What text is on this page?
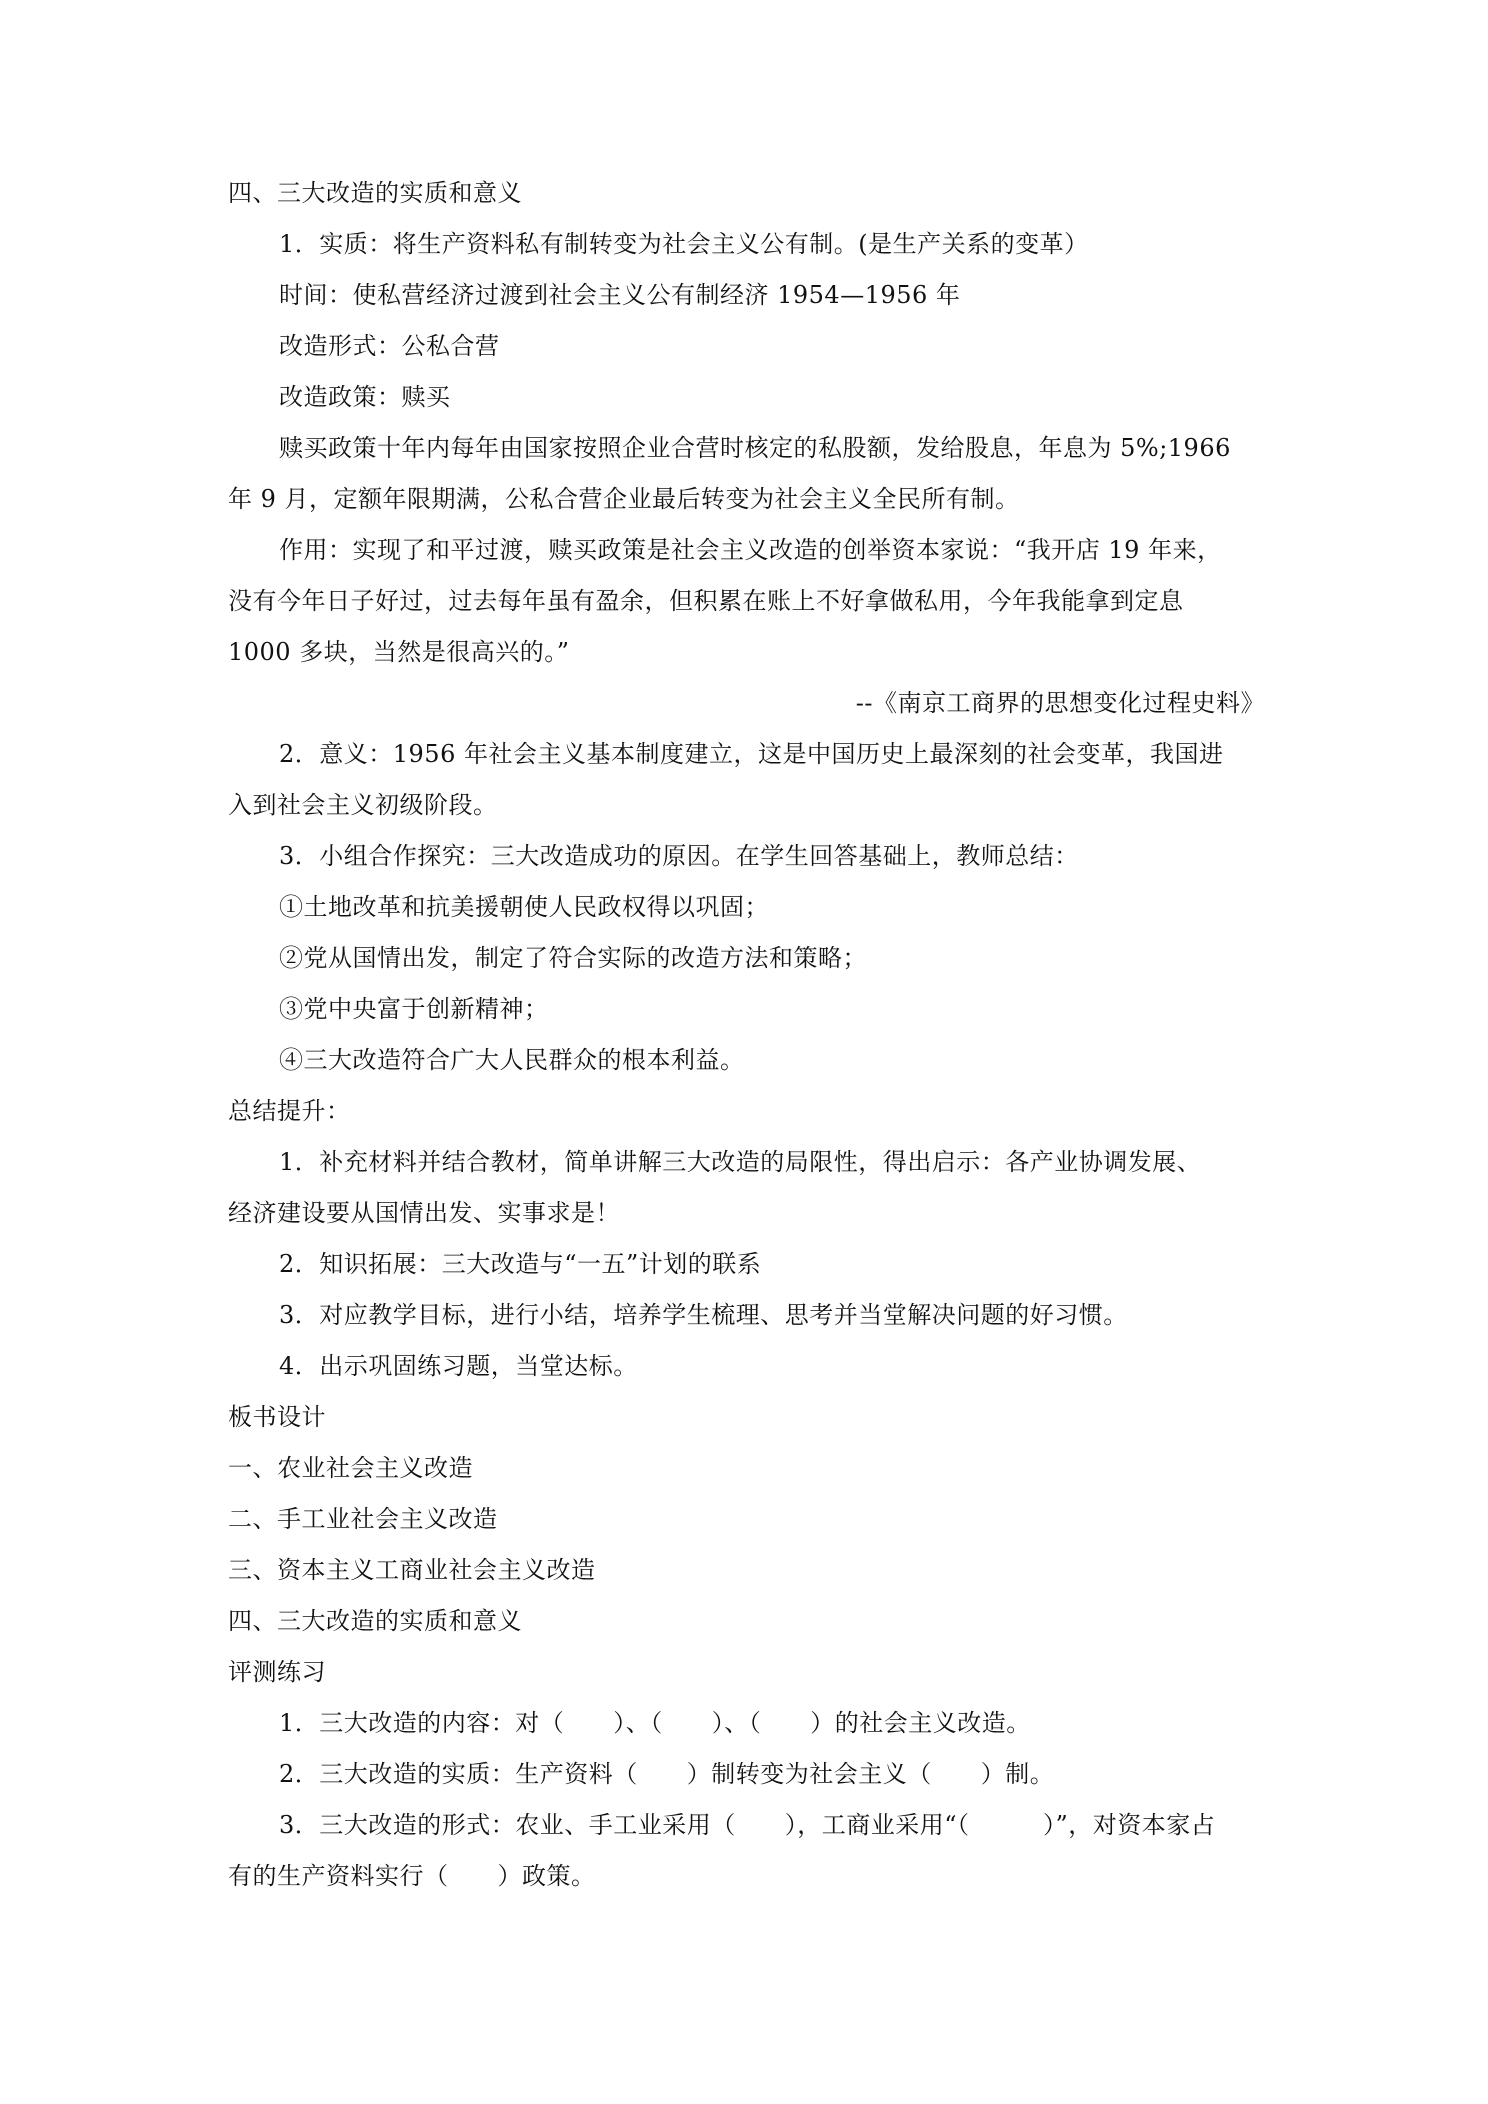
四、三大改造的实质和意义
1．实质：将生产资料私有制转变为社会主义公有制。(是生产关系的变革）
时间：使私营经济过渡到社会主义公有制经济 1954—1956 年
改造形式：公私合营
改造政策：赎买
赎买政策十年内每年由国家按照企业合营时核定的私股额，发给股息，年息为 5%;1966
年 9 月，定额年限期满，公私合营企业最后转变为社会主义全民所有制。
作用：实现了和平过渡，赎买政策是社会主义改造的创举资本家说：“我开店 19 年来，
没有今年日子好过，过去每年虽有盈余，但积累在账上不好拿做私用，今年我能拿到定息
1000 多块，当然是很高兴的。”
--《南京工商界的思想变化过程史料》
2．意义：1956 年社会主义基本制度建立，这是中国历史上最深刻的社会变革，我国进
入到社会主义初级阶段。
3．小组合作探究：三大改造成功的原因。在学生回答基础上，教师总结：
①土地改革和抗美援朝使人民政权得以巩固；
②党从国情出发，制定了符合实际的改造方法和策略；
③党中央富于创新精神；
④三大改造符合广大人民群众的根本利益。
总结提升：
1．补充材料并结合教材，简单讲解三大改造的局限性，得出启示：各产业协调发展、
经济建设要从国情出发、实事求是！
2．知识拓展：三大改造与“一五”计划的联系
3．对应教学目标，进行小结，培养学生梳理、思考并当堂解决问题的好习惯。
4．出示巩固练习题，当堂达标。
板书设计
一、农业社会主义改造
二、手工业社会主义改造
三、资本主义工商业社会主义改造
四、三大改造的实质和意义
评测练习
1．三大改造的内容：对（　　）、（　　）、（　　）的社会主义改造。
2．三大改造的实质：生产资料（　　）制转变为社会主义（　　）制。
3．三大改造的形式：农业、手工业采用（　　），工商业采用“（　　　）”，对资本家占
有的生产资料实行（　　）政策。
